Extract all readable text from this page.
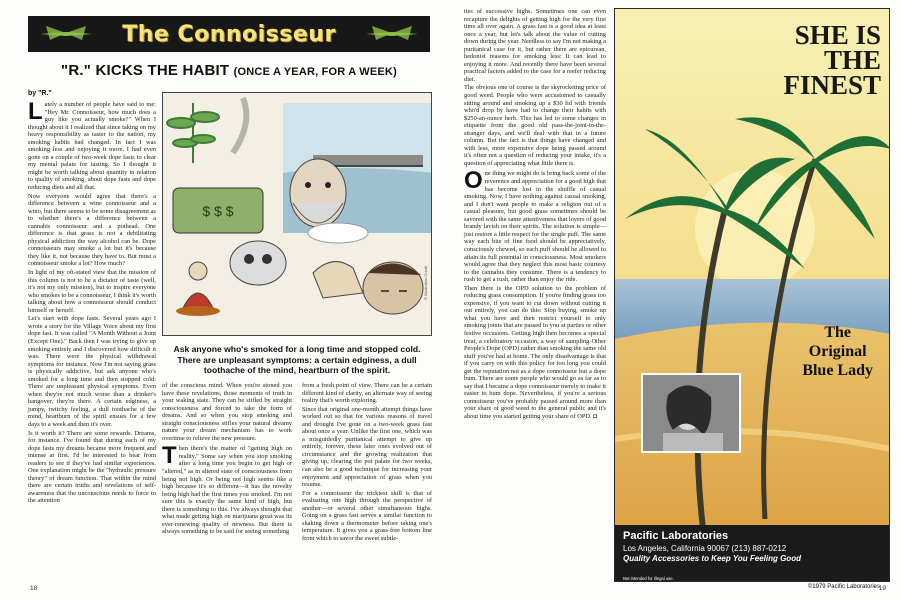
The Connoisseur
"R." KICKS THE HABIT (ONCE A YEAR, FOR A WEEK)
by "R."

Lately a number of people have said to me: "Hey Mr. Connoisseur, how much does a guy like you actually smoke?" When I thought about it I realized that since taking on my heavy responsibility as taster to the nation, my smoking habits had changed. In fact I was smoking less and enjoying it more. I had even gone on a couple of two-week dope fasts to clear my mental palate for tasting. So I thought it might be worth talking about quantity in relation to quality of smoking, about dope fasts and dope reducing diets and all that.

Now everyone would agree that there's a difference between a wine connoisseur and a wino, but there seems to be some disagreement as to whether there's a difference between a cannabis connoisseur and a pothead. One difference is that grass is not a debilitating physical addiction the way alcohol can be. Dope connoisseurs may smoke a lot but it's because they like it, not because they have to. But must a connoisseur smoke a lot? How much?

In light of my oft-stated view that the mission of this column is not to be a dictator of taste (well, it's not my only mission), but to inspire everyone who smokes to be a connoisseur, I think it's worth talking about how a connoisseur should conduct himself or herself.

Let's start with dope fasts. Several years ago I wrote a story for the Village Voice about my first dope fast. It was called "A Month Without a Joint (Except One)." Back then I was trying to give up smoking entirely and I discovered how difficult it was. There were the physical withdrawal symptoms for instance. Now I'm not saying grass is physically addictive, but ask anyone who's smoked for a long time and then stopped cold: There are unpleasant physical symptoms. Even when they're not much worse than a drinker's hangover, they're there. A certain edginess, a jumpy, twitchy feeling, a dull toothache of the mind, heartburn of the spirit ensues for a few days to a week and then it's over.

Is it worth it? There are some rewards. Dreams, for instance. I've found that during each of my dope fasts my dreams became more frequent and intense at first. I'd be interested to hear from readers to see if they've had similar experiences. One explanation might be the "hydraulic pressure theory" of dream function. That within the mind there are certain truths and revelations of self-awareness that the unconscious needs to force to the attention

$ $ $
© Illustration Credit
Ask anyone who's smoked for a long time and stopped cold. There are unpleasant symptoms: a certain edginess, a dull toothache of the mind, heartburn of the spirit.

of the conscious mind. When you're stoned you have these revelations, those moments of truth in your waking state. They can be stifled by straight consciousness and forced to take the form of dreams. And so when you stop smoking and straight consciousness stifles your natural dreamy nature your dream mechanism has to work overtime to relieve the new pressure.

Then there's the matter of "getting high on reality." Some say when you stop smoking after a long time you begin to get high or "altered," as in altered state of consciousness from being not high. Or being not high seems like a high because it's so different—it has the novelty being high had the first times you smoked. I'm not sure this is exactly the same kind of high, but there is something to this. I've always thought that what made getting high on marijuana great was its ever-renewing quality of newness. But there is always something to be said for seeing something

from a fresh point of view. There can be a certain different kind of clarity, an alternate way of seeing reality that's worth exploring.

Since that original one-month attempt things have worked out so that for various reasons of travel and drought I've gone on a two-week grass fast about once a year. Unlike the first one, which was a misguidedly puritanical attempt to give up entirely, forever, these later ones evolved out of circumstance and the growing realization that giving up, clearing the pot palate for two weeks, can also be a good technique for increasing your enjoyment and appreciation of grass when you resume.

For a connoisseur the trickiest skill is that of evaluating one high through the perspective of another—or several other simultaneous highs. Going on a grass fast serves a similar function to shaking down a thermometer before taking one's temperature. It gives you a grass-free bottom line from which to savor the sweet subtle-

18

ties of successive highs. Sometimes one can even recapture the delights of getting high for the very first time all over again. A grass fast is a good idea at least once a year, but let's talk about the value of cutting down during the year. Needless to say I'm not making a puritanical case for it, but rather there are epicurean, hedonist reasons for smoking less: It can lead to enjoying it more. And recently there have been several practical factors added to the case for a reefer reducing diet.

The obvious one of course is the skyrocketing price of good weed. People who were accustomed to casually sitting around and smoking up a $30 lid with friends who'd drop by have had to change their habits with $250-an-ounce herb. This has led to some changes in etiquette from the good old pass-the-joint-to-the-stranger days, and we'll deal with that in a future column. But the fact is that things have changed and with less, more expensive dope being passed around it's often not a question of reducing your intake, it's a question of appreciating what little there is.

One thing we might do is bring back some of the reverence and appreciation for a good high that has become lost in the shuffle of casual smoking. Now, I have nothing against casual smoking, and I don't want people to make a religion out of a casual pleasure, but good grass sometimes should be savored with the same attentiveness that lovers of good brandy lavish on their spirits. The solution is simple—just restore a little respect for the single puff. The same way each bite of fine food should be appreciatively, consciously chewed, so each puff should be allowed to attain its full potential in consciousness. Most smokers would agree that they neglect this most basic courtesy to the cannabis they consume. There is a tendency to rush to get a rush, rather than enjoy the ride.

Then there is the OPD solution to the problem of reducing grass consumption. If you're finding grass too expensive, if you want to cut down without cutting it out entirely, you can do this: Stop buying, smoke up what you have and then restrict yourself to only smoking joints that are passed to you at parties or other festive occasions. Getting high then becomes a special treat, a celebratory occasion, a way of sampling Other People's Dope (OPD) rather than smoking the same old stuff you've had at home. The only disadvantage is that if you carry on with this policy for too long you could get the reputation not as a dope connoisseur but a dope bum. There are some people who would go as far as to say that I became a dope connoisseur merely to make it easier to bum dope. Nevertheless, if you're a serious connoisseur you've probably passed around more than your share of good weed to the general public and it's about time you started getting your share of OPD. ◘

SHE IS
THE
FINEST
The
Original
Blue Lady
Pacific Laboratories
Los Angeles, California 90067 (213) 887-0212
Quality Accessories to Keep You Feeling Good
Not intended for illegal use.
©1979 Pacific Laboratories
19
